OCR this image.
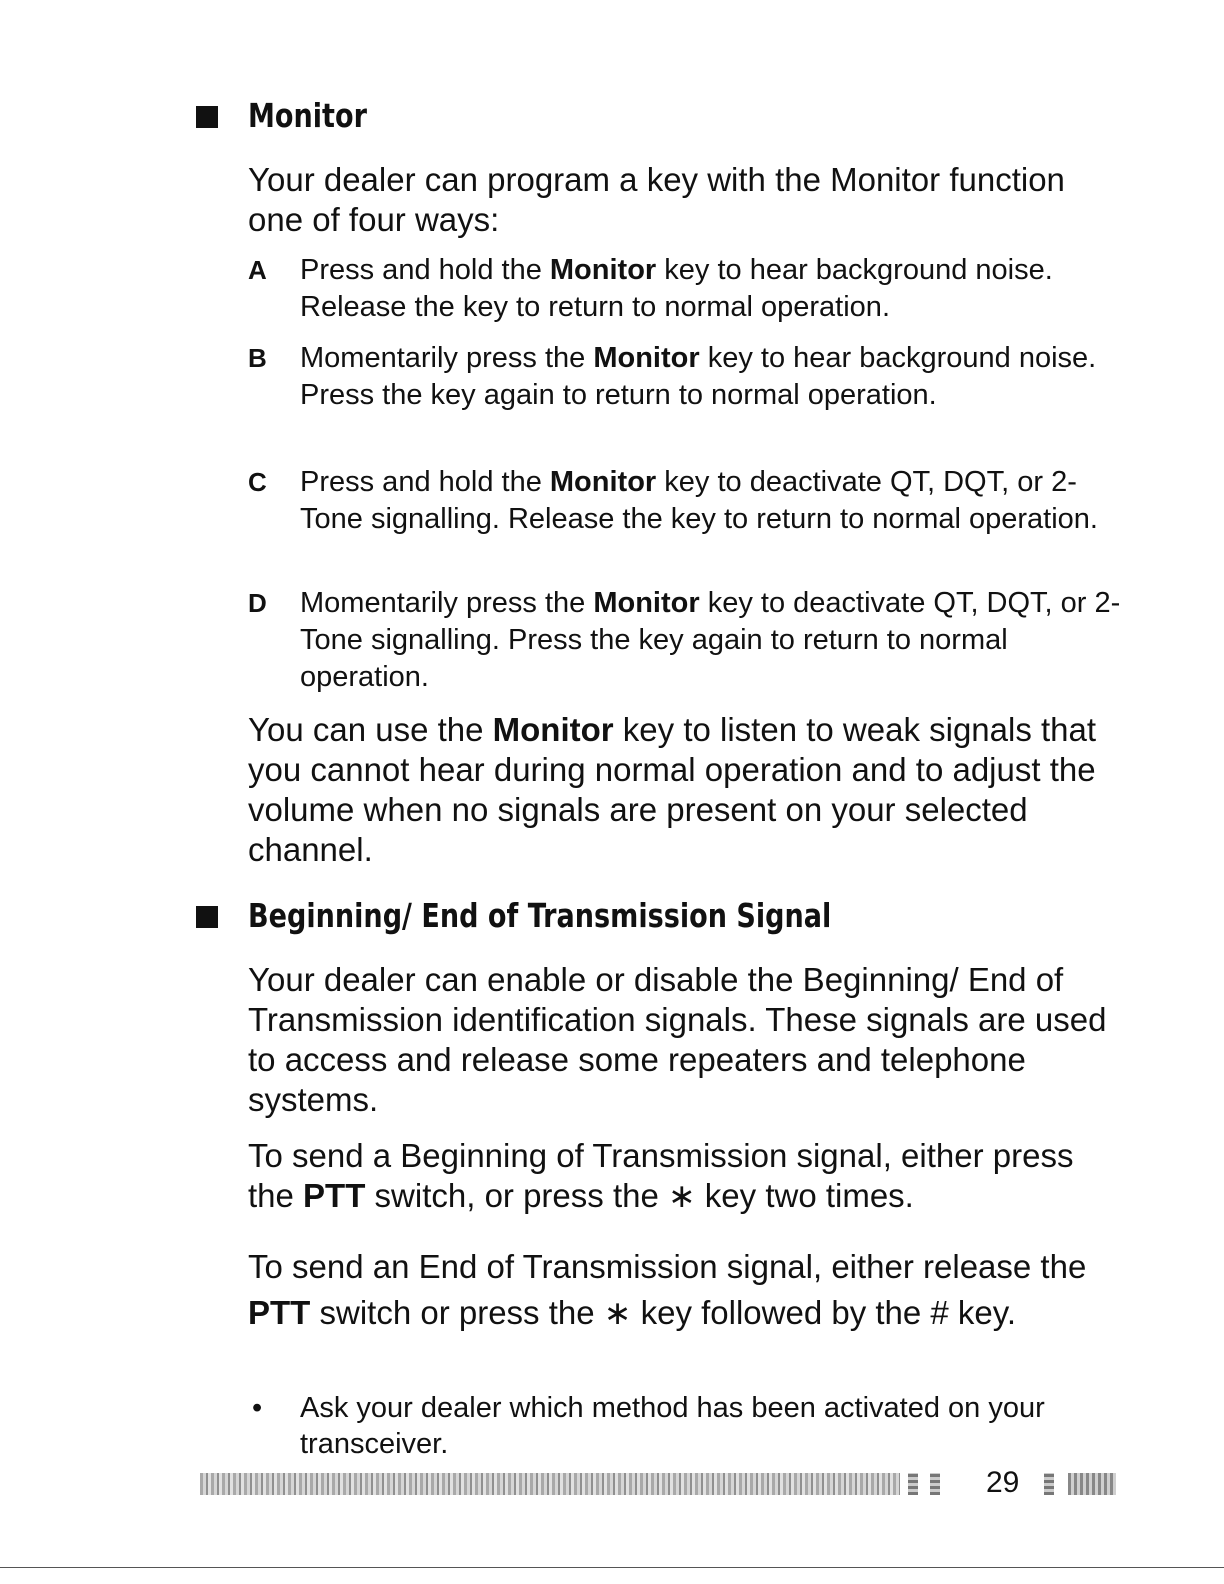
Monitor

Your dealer can program a key with the Monitor function one of four ways:

A Press and hold the Monitor key to hear background noise. Release the key to return to normal operation.
B Momentarily press the Monitor key to hear background noise. Press the key again to return to normal operation.
C Press and hold the Monitor key to deactivate QT, DQT, or 2-Tone signalling. Release the key to return to normal operation.
D Momentarily press the Monitor key to deactivate QT, DQT, or 2-Tone signalling. Press the key again to return to normal operation.

You can use the Monitor key to listen to weak signals that you cannot hear during normal operation and to adjust the volume when no signals are present on your selected channel.

Beginning/ End of Transmission Signal

Your dealer can enable or disable the Beginning/ End of Transmission identification signals. These signals are used to access and release some repeaters and telephone systems.

To send a Beginning of Transmission signal, either press the PTT switch, or press the ∗ key two times.

To send an End of Transmission signal, either release the PTT switch or press the ∗ key followed by the # key.

• Ask your dealer which method has been activated on your transceiver.
29
